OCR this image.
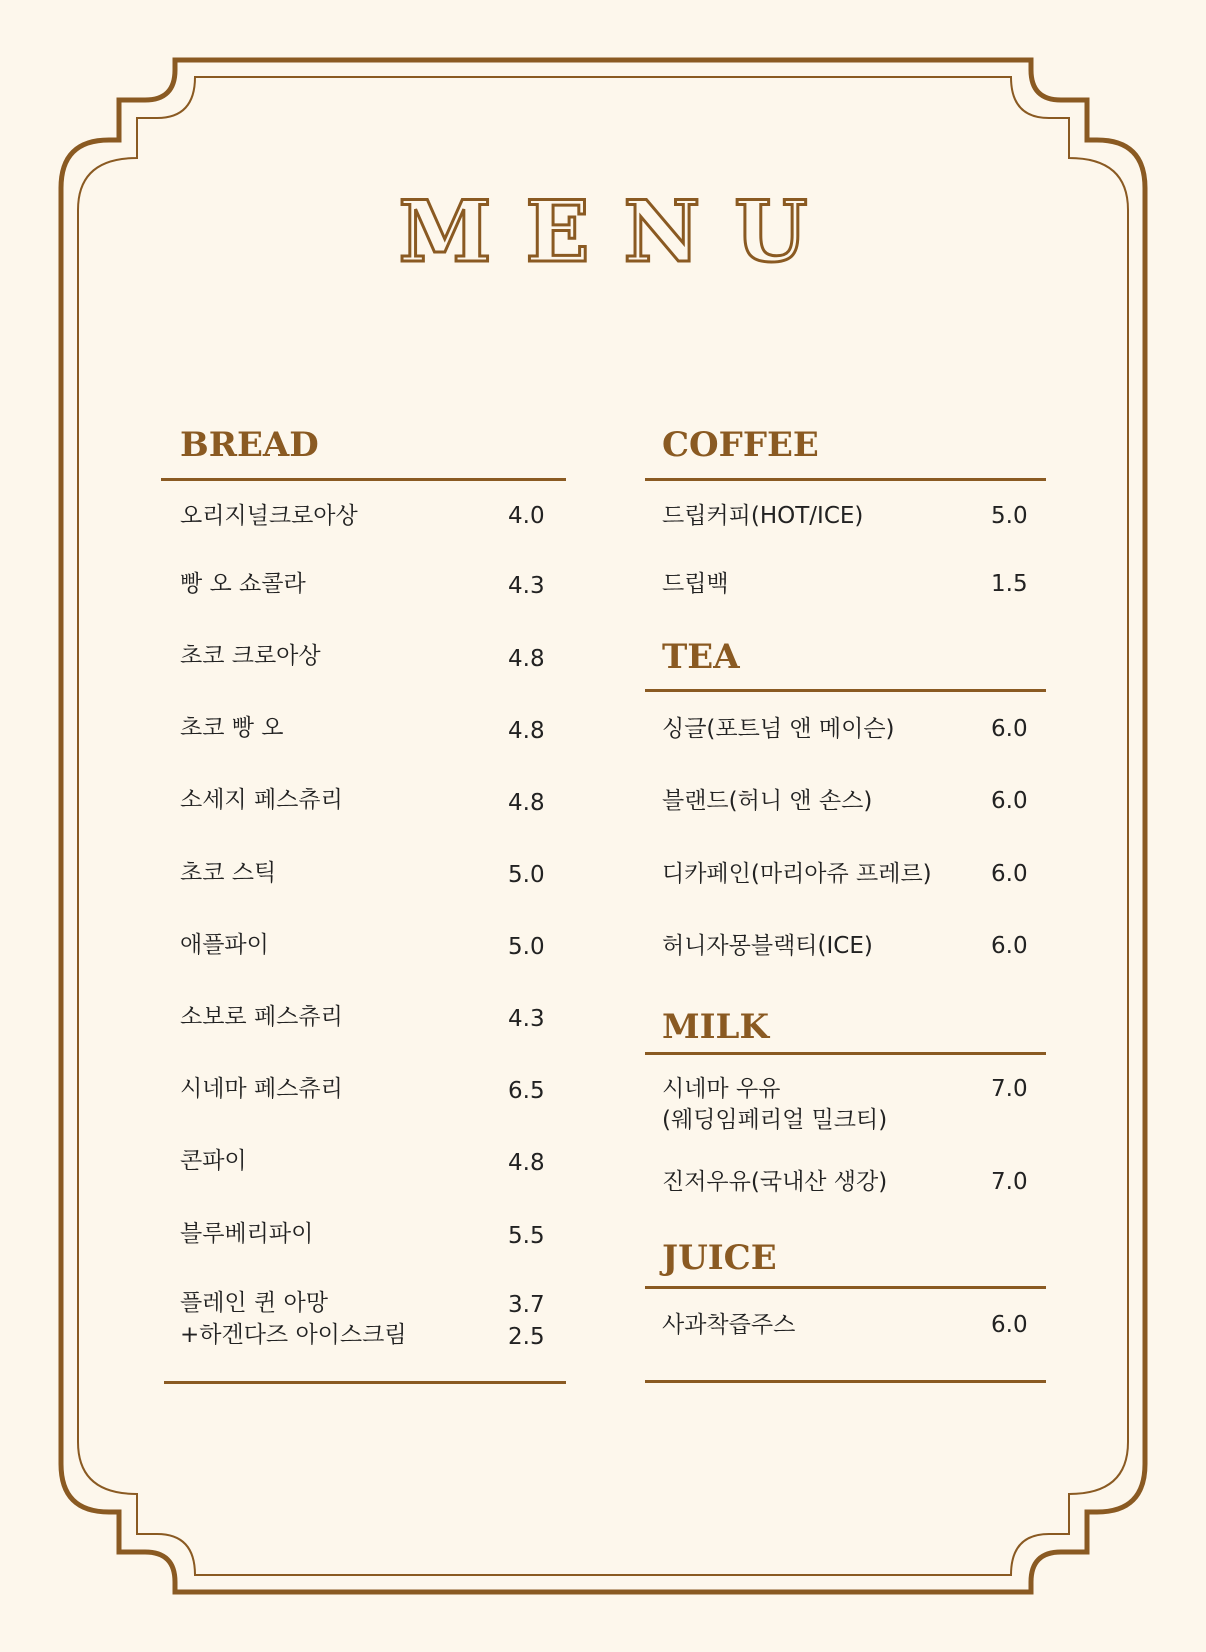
MENU
BREAD
오리지널크로아상	4.0
빵 오 쇼콜라	4.3
초코 크로아상	4.8
초코 빵 오	4.8
소세지 페스츄리	4.8
초코 스틱	5.0
애플파이	5.0
소보로 페스츄리	4.3
시네마 페스츄리	6.5
콘파이	4.8
블루베리파이	5.5
플레인 퀸 아망	3.7
+하겐다즈 아이스크림	2.5
COFFEE
드립커피(HOT/ICE)	5.0
드립백	1.5
TEA
싱글(포트넘 앤 메이슨)	6.0
블랜드(허니 앤 손스)	6.0
디카페인(마리아쥬 프레르)	6.0
허니자몽블랙티(ICE)	6.0
MILK
시네마 우유
(웨딩임페리얼 밀크티)
7.0
진저우유(국내산 생강)	7.0
JUICE
사과착즙주스	6.0
